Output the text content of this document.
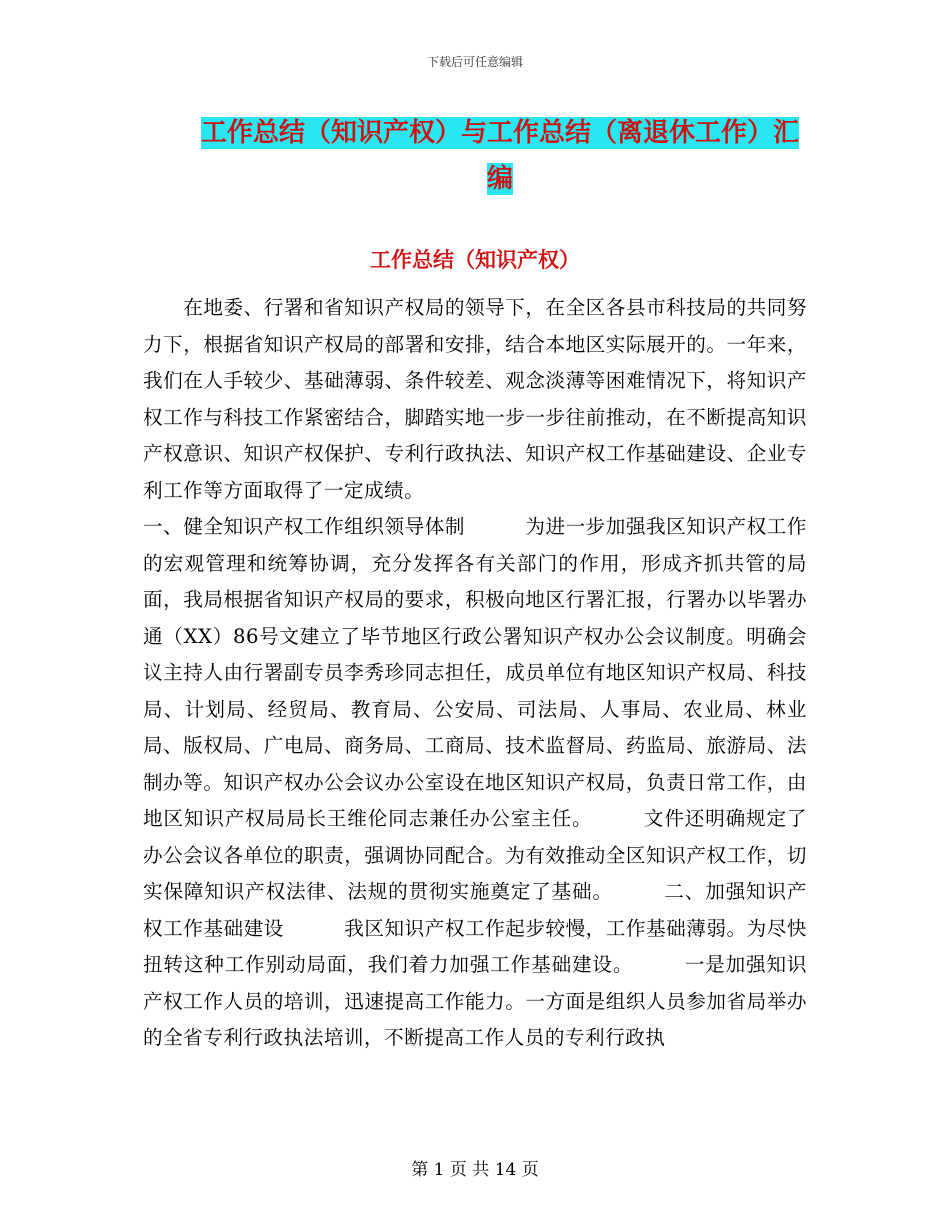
下载后可任意编辑
工作总结（知识产权）与工作总结（离退休工作）汇编
工作总结（知识产权）

　　在地委、行署和省知识产权局的领导下，在全区各县市科技局的共同努力下，根据省知识产权局的部署和安排，结合本地区实际展开的。一年来，我们在人手较少、基础薄弱、条件较差、观念淡薄等困难情况下，将知识产权工作与科技工作紧密结合，脚踏实地一步一步往前推动，在不断提高知识产权意识、知识产权保护、专利行政执法、知识产权工作基础建设、企业专利工作等方面取得了一定成绩。

一、健全知识产权工作组织领导体制　　　为进一步加强我区知识产权工作的宏观管理和统筹协调，充分发挥各有关部门的作用，形成齐抓共管的局面，我局根据省知识产权局的要求，积极向地区行署汇报，行署办以毕署办通（XX）86号文建立了毕节地区行政公署知识产权办公会议制度。明确会议主持人由行署副专员李秀珍同志担任，成员单位有地区知识产权局、科技局、计划局、经贸局、教育局、公安局、司法局、人事局、农业局、林业局、版权局、广电局、商务局、工商局、技术监督局、药监局、旅游局、法制办等。知识产权办公会议办公室设在地区知识产权局，负责日常工作，由地区知识产权局局长王维伦同志兼任办公室主任。　　　文件还明确规定了办公会议各单位的职责，强调协同配合。为有效推动全区知识产权工作，切实保障知识产权法律、法规的贯彻实施奠定了基础。　　　二、加强知识产权工作基础建设　　　我区知识产权工作起步较慢，工作基础薄弱。为尽快扭转这种工作别动局面，我们着力加强工作基础建设。　　　一是加强知识产权工作人员的培训，迅速提高工作能力。一方面是组织人员参加省局举办的全省专利行政执法培训，不断提高工作人员的专利行政执

第 1 页 共 14 页
